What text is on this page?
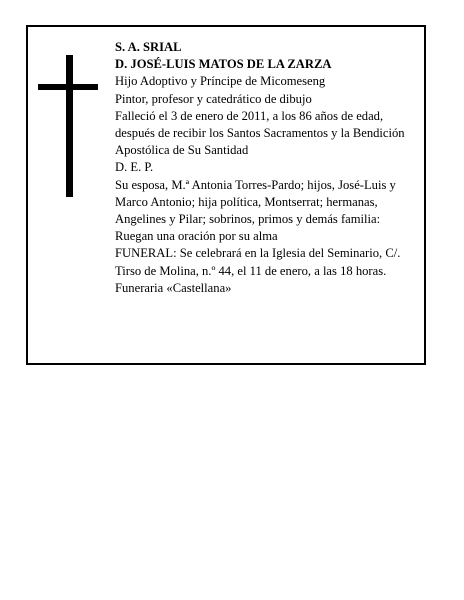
S. A. SRIAL

D. JOSÉ-LUIS MATOS DE LA ZARZA

Hijo Adoptivo y Príncipe de Micomeseng

Pintor, profesor y catedrático de dibujo

Falleció el 3 de enero de 2011, a los 86 años de edad, después de recibir los Santos Sacramentos y la Bendición Apostólica de Su Santidad

D. E. P.

Su esposa, M.ª Antonia Torres-Pardo; hijos, José-Luis y Marco Antonio; hija política, Montserrat; hermanas, Angelines y Pilar; sobrinos, primos y demás familia:

Ruegan una oración por su alma

FUNERAL: Se celebrará en la Iglesia del Seminario, C/. Tirso de Molina, n.º 44, el 11 de enero, a las 18 horas.

Funeraria «Castellana»
